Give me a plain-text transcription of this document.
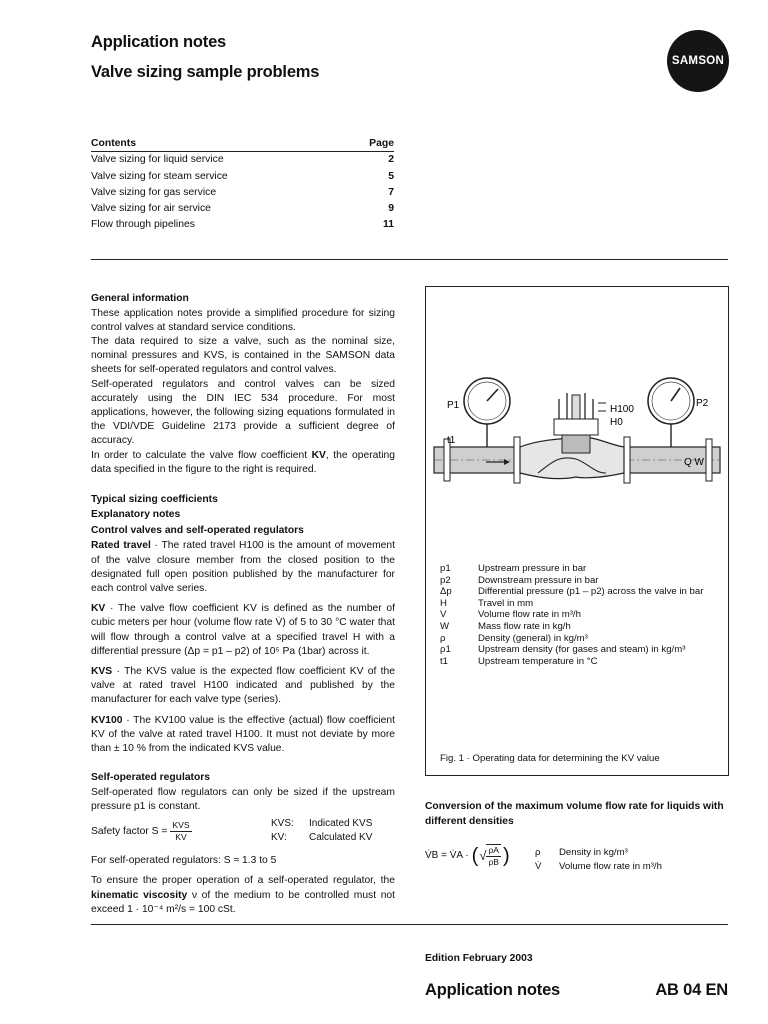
Application notes
Valve sizing sample problems
SAMSON
Contents	Page
Valve sizing for liquid service	2
Valve sizing for steam service	5
Valve sizing for gas service	7
Valve sizing for air service	9
Flow through pipelines	11
General information

These application notes provide a simplified procedure for sizing control valves at standard service conditions.

The data required to size a valve, such as the nominal size, nominal pressures and KVS, is contained in the SAMSON data sheets for self-operated regulators and control valves.

Self-operated regulators and control valves can be sized accurately using the DIN IEC 534 procedure. For most applications, however, the following sizing equations formulated in the VDI/VDE Guideline 2173 provide a sufficient degree of accuracy.

In order to calculate the valve flow coefficient KV, the operating data specified in the figure to the right is required.

Typical sizing coefficients
Explanatory notes
Control valves and self-operated regulators

Rated travel · The rated travel H100 is the amount of movement of the valve closure member from the closed position to the designated full open position published by the manufacturer for each control valve series.

KV · The valve flow coefficient KV is defined as the number of cubic meters per hour (volume flow rate V̇) of 5 to 30 °C water that will flow through a control valve at a specified travel H with a differential pressure (Δp = p1 – p2) of 10⁵ Pa (1bar) across it.

KVS · The KVS value is the expected flow coefficient KV of the valve at rated travel H100 indicated and published by the manufacturer for each valve type (series).

KV100 · The KV100 value is the effective (actual) flow coefficient KV of the valve at rated travel H100. It must not deviate by more than ± 10 % from the indicated KVS value.

Self-operated regulators

Self-operated flow regulators can only be sized if the upstream pressure p1 is constant.

Safety factor S =
KVS
KV
KVS:	Indicated KVS
KV:	Calculated KV

For self-operated regulators: S ≈ 1.3 to 5

To ensure the proper operation of a self-operated regulator, the kinematic viscosity ν of the medium to be controlled must not exceed 1 · 10⁻⁴ m²/s = 100 cSt.

P1	P2
H100
H0
t1
Q W
p1	Upstream pressure in bar
p2	Downstream pressure in bar
Δp	Differential pressure (p1 – p2) across the valve in bar
H	Travel in mm
V	Volume flow rate in m³/h
W	Mass flow rate in kg/h
ρ	Density (general) in kg/m³
ρ1	Upstream density (for gases and steam) in kg/m³
t1	Upstream temperature in °C
Fig. 1 · Operating data for determining the KV value
Conversion of the maximum volume flow rate for liquids with different densities
V̇B = V̇A · ( √ ρA
ρB )	ρ	Density in kg/m³
V̇	Volume flow rate in m³/h
Edition February 2003
Application notes	AB 04 EN
